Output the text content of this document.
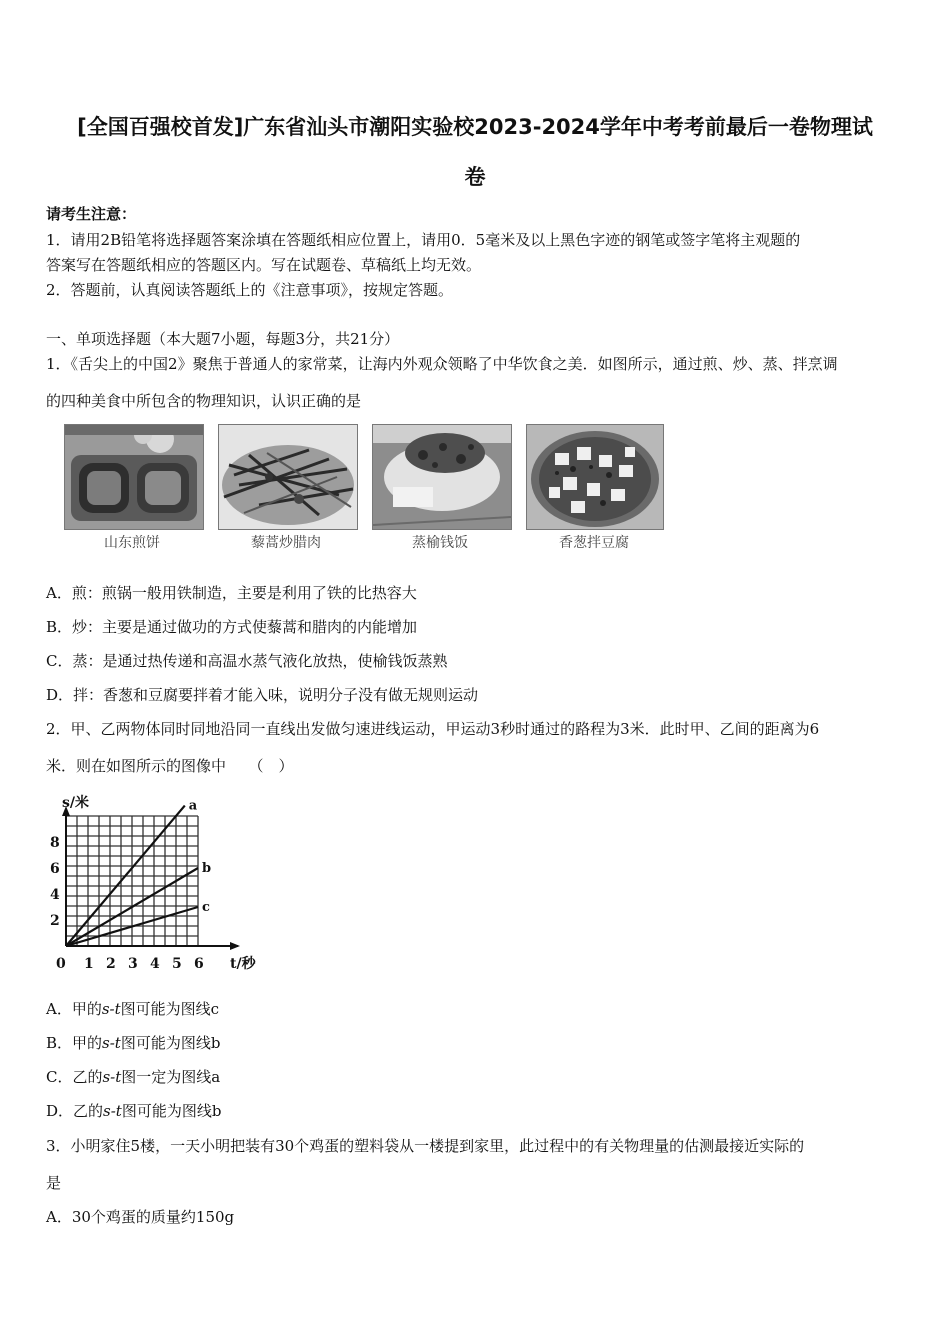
[全国百强校首发]广东省汕头市潮阳实验校2023-2024学年中考考前最后一卷物理试
卷
请考生注意：
1．请用2B铅笔将选择题答案涂填在答题纸相应位置上，请用0．5毫米及以上黑色字迹的钢笔或签字笔将主观题的
答案写在答题纸相应的答题区内。写在试题卷、草稿纸上均无效。
2．答题前，认真阅读答题纸上的《注意事项》，按规定答题。
一、单项选择题（本大题7小题，每题3分，共21分）
1．《舌尖上的中国2》聚焦于普通人的家常菜，让海内外观众领略了中华饮食之美．如图所示，通过煎、炒、蒸、拌烹调
的四种美食中所包含的物理知识，认识正确的是
山东煎饼	藜蒿炒腊肉	蒸榆钱饭	香葱拌豆腐
A．煎：煎锅一般用铁制造，主要是利用了铁的比热容大
B．炒：主要是通过做功的方式使藜蒿和腊肉的内能增加
C．蒸：是通过热传递和高温水蒸气液化放热，使榆钱饭蒸熟
D．拌：香葱和豆腐要拌着才能入味，说明分子没有做无规则运动
2．甲、乙两物体同时同地沿同一直线出发做匀速进线运动，甲运动3秒时通过的路程为3米．此时甲、乙间的距离为6
米．则在如图所示的图像中　　（　）
a
b
c
0 1 2 3 4 5 6
2
4
6
8
t/秒
s/米
A．甲的s-t图可能为图线c
B．甲的s-t图可能为图线b
C．乙的s-t图一定为图线a
D．乙的s-t图可能为图线b
3．小明家住5楼，一天小明把装有30个鸡蛋的塑料袋从一楼提到家里，此过程中的有关物理量的估测最接近实际的
是
A．30个鸡蛋的质量约150g
